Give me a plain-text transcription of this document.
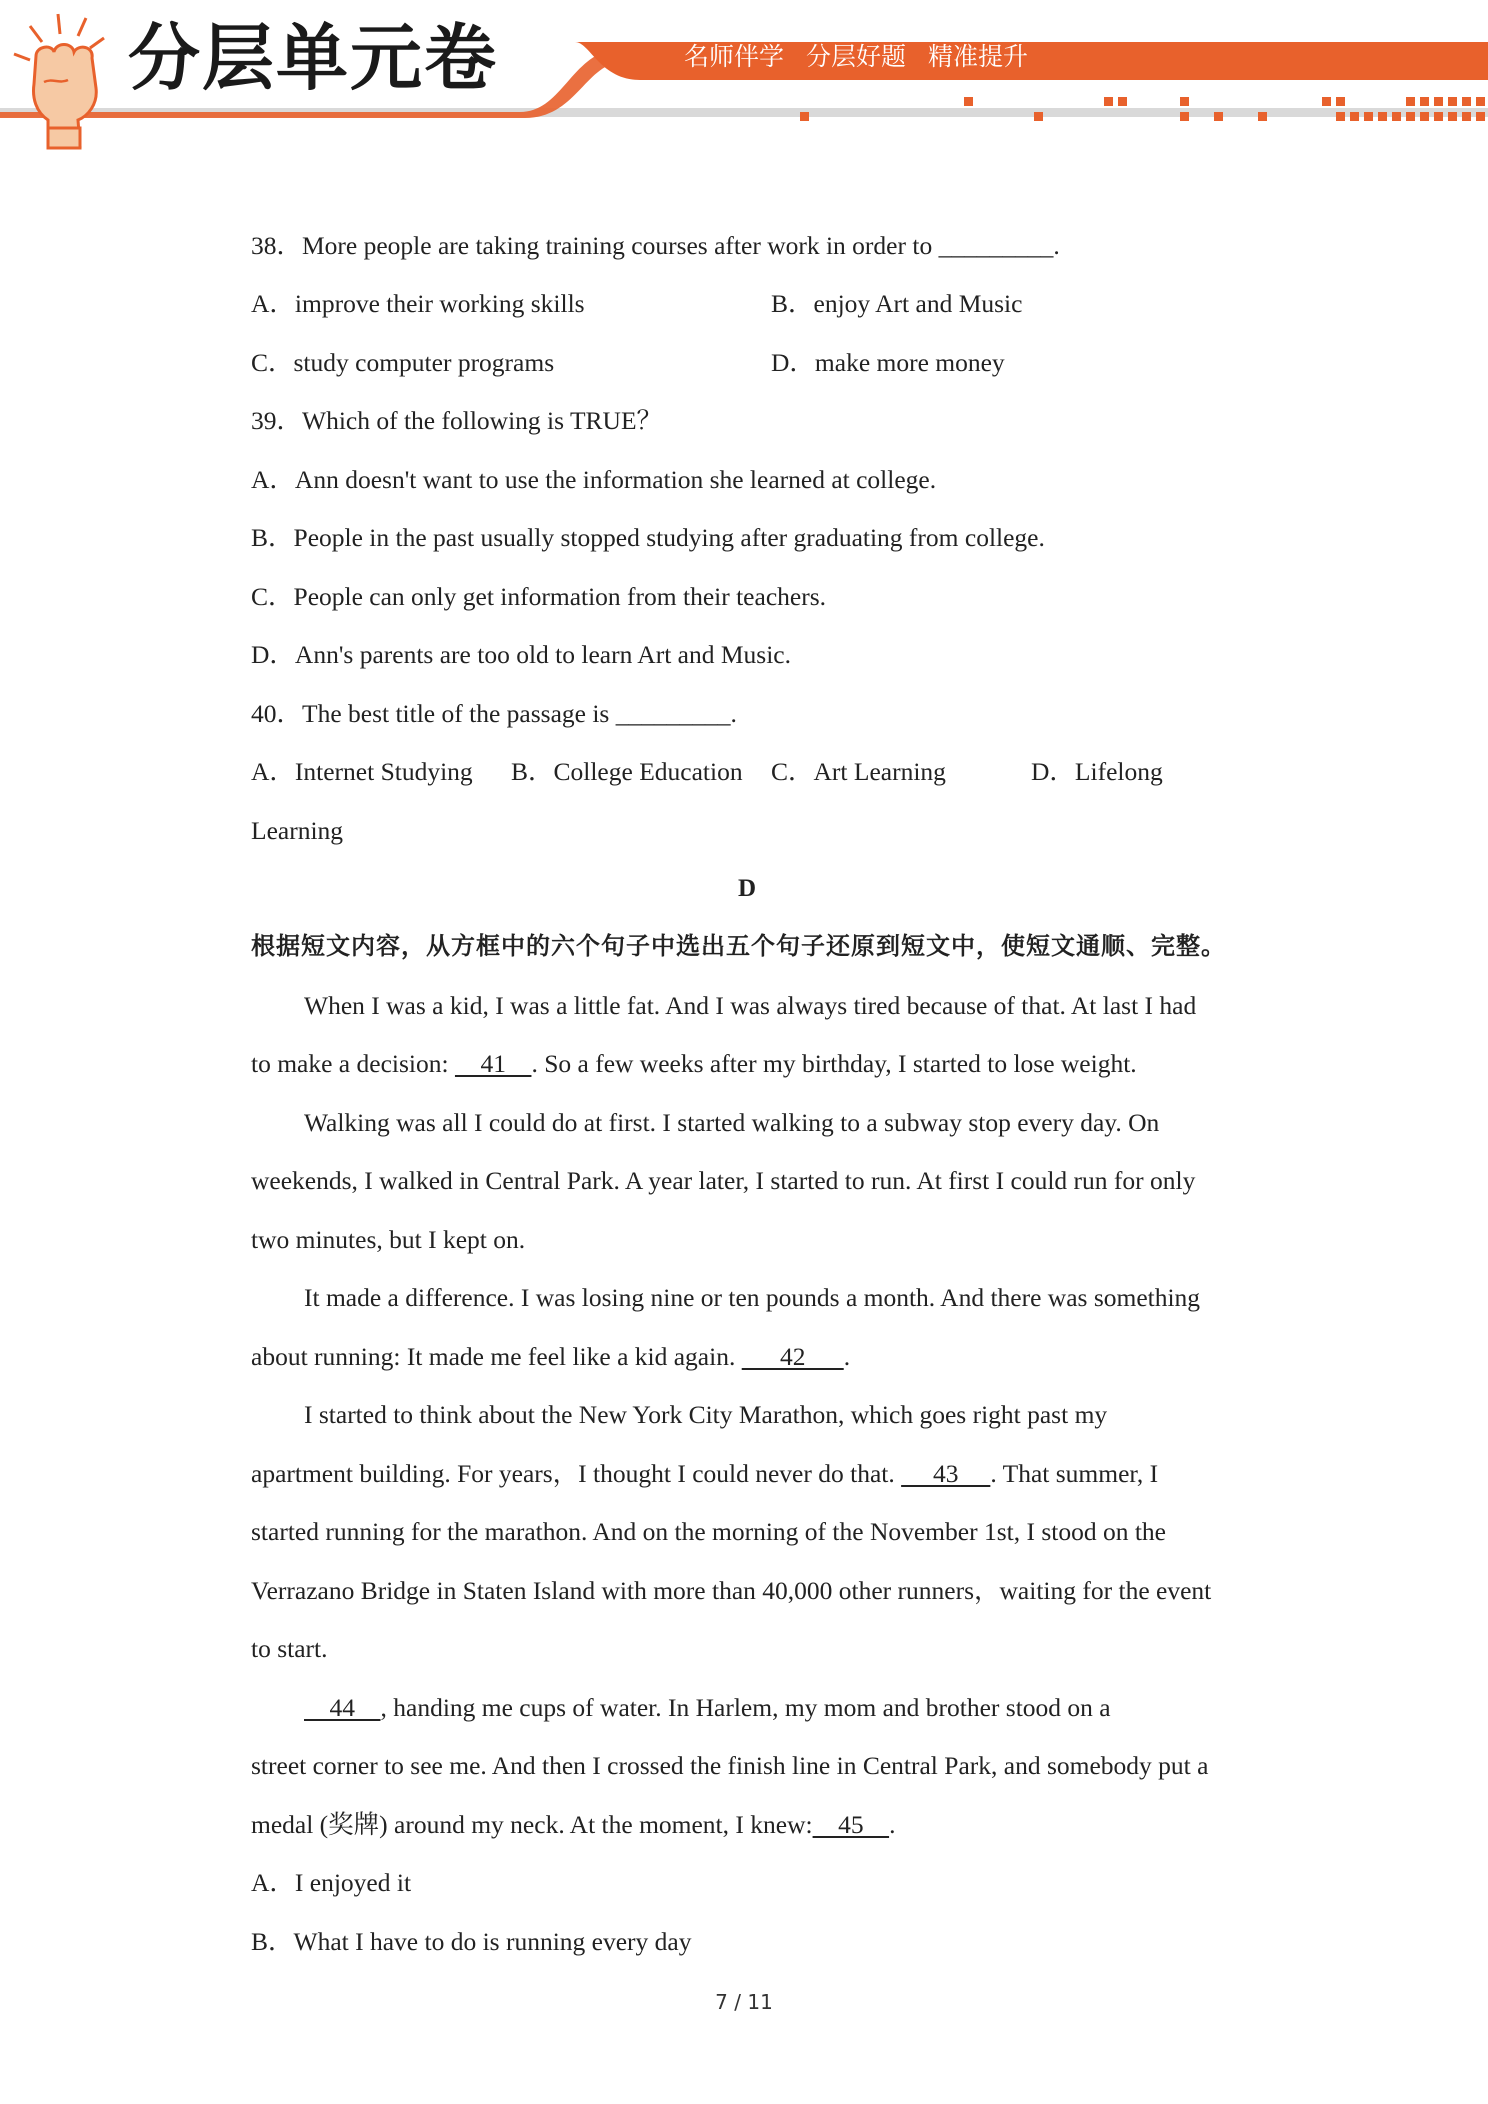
分层单元卷	名师伴学 分层好题 精准提升
38．More people are taking training courses after work in order to _________.
A．improve their working skills	B．enjoy Art and Music
C．study computer programs	D．make more money
39．Which of the following is TRUE？
A．Ann doesn't want to use the information she learned at college.
B．People in the past usually stopped studying after graduating from college.
C．People can only get information from their teachers.
D．Ann's parents are too old to learn Art and Music.
40．The best title of the passage is _________.
A．Internet Studying B．College Education C．Art Learning	D．Lifelong
Learning
D
根据短文内容，从方框中的六个句子中选出五个句子还原到短文中，使短文通顺、完整。
When I was a kid, I was a little fat. And I was always tired because of that. At last I had
to make a decision:     41    . So a few weeks after my birthday, I started to lose weight.
Walking was all I could do at first. I started walking to a subway stop every day. On
weekends, I walked in Central Park. A year later, I started to run. At first I could run for only
two minutes, but I kept on.
It made a difference. I was losing nine or ten pounds a month. And there was something
about running: It made me feel like a kid again.       42      .
I started to think about the New York City Marathon, which goes right past my
apartment building. For years，I thought I could never do that.      43     . That summer, I
started running for the marathon. And on the morning of the November 1st, I stood on the
Verrazano Bridge in Staten Island with more than 40,000 other runners，waiting for the event
to start.
44    , handing me cups of water. In Harlem, my mom and brother stood on a
street corner to see me. And then I crossed the finish line in Central Park, and somebody put a
medal (奖牌) around my neck. At the moment, I knew:    45    .
A．I enjoyed it
B．What I have to do is running every day
7 / 11
